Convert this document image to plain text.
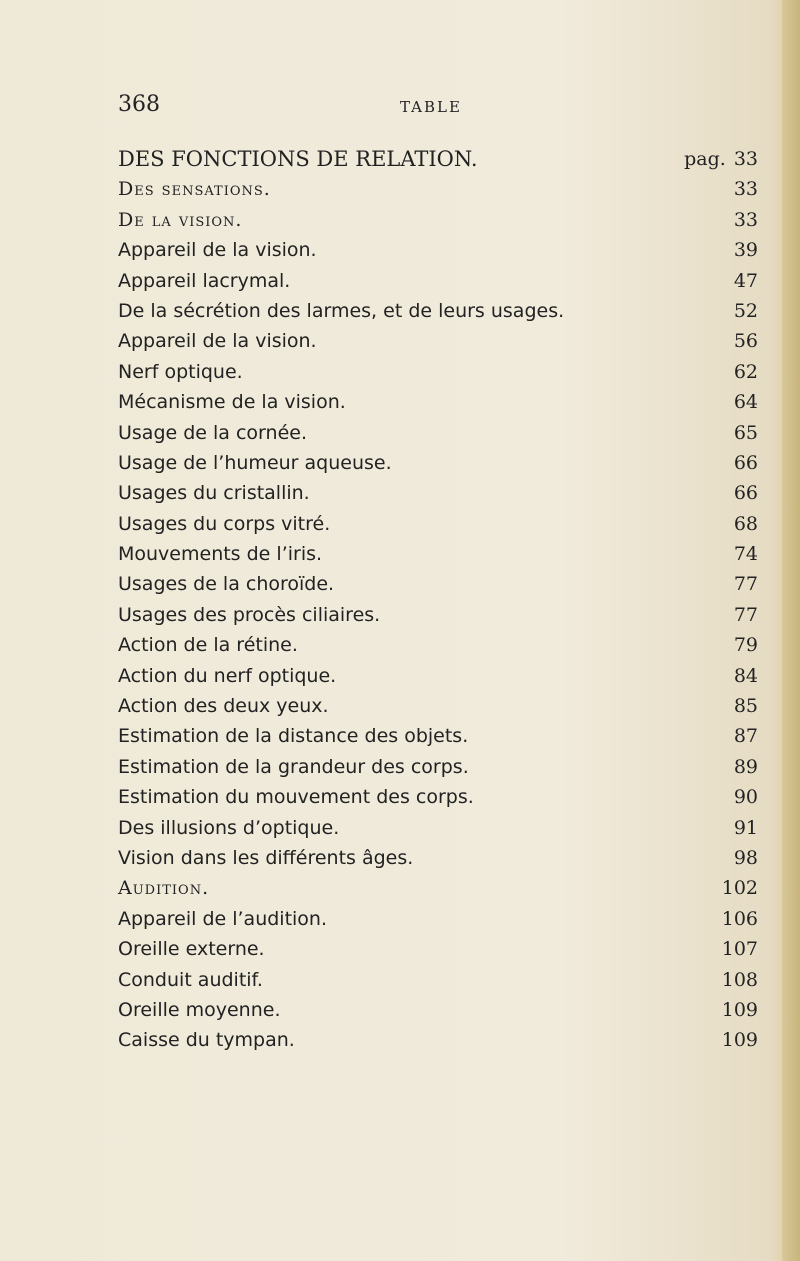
368	TABLE
DES FONCTIONS DE RELATION.	pag. 33
Des sensations.	33
De la vision.	33
Appareil de la vision.	39
Appareil lacrymal.	47
De la sécrétion des larmes, et de leurs usages.	52
Appareil de la vision.	56
Nerf optique.	62
Mécanisme de la vision.	64
Usage de la cornée.	65
Usage de l’humeur aqueuse.	66
Usages du cristallin.	66
Usages du corps vitré.	68
Mouvements de l’iris.	74
Usages de la choroïde.	77
Usages des procès ciliaires.	77
Action de la rétine.	79
Action du nerf optique.	84
Action des deux yeux.	85
Estimation de la distance des objets.	87
Estimation de la grandeur des corps.	89
Estimation du mouvement des corps.	90
Des illusions d’optique.	91
Vision dans les différents âges.	98
Audition.	102
Appareil de l’audition.	106
Oreille externe.	107
Conduit auditif.	108
Oreille moyenne.	109
Caisse du tympan.	109
